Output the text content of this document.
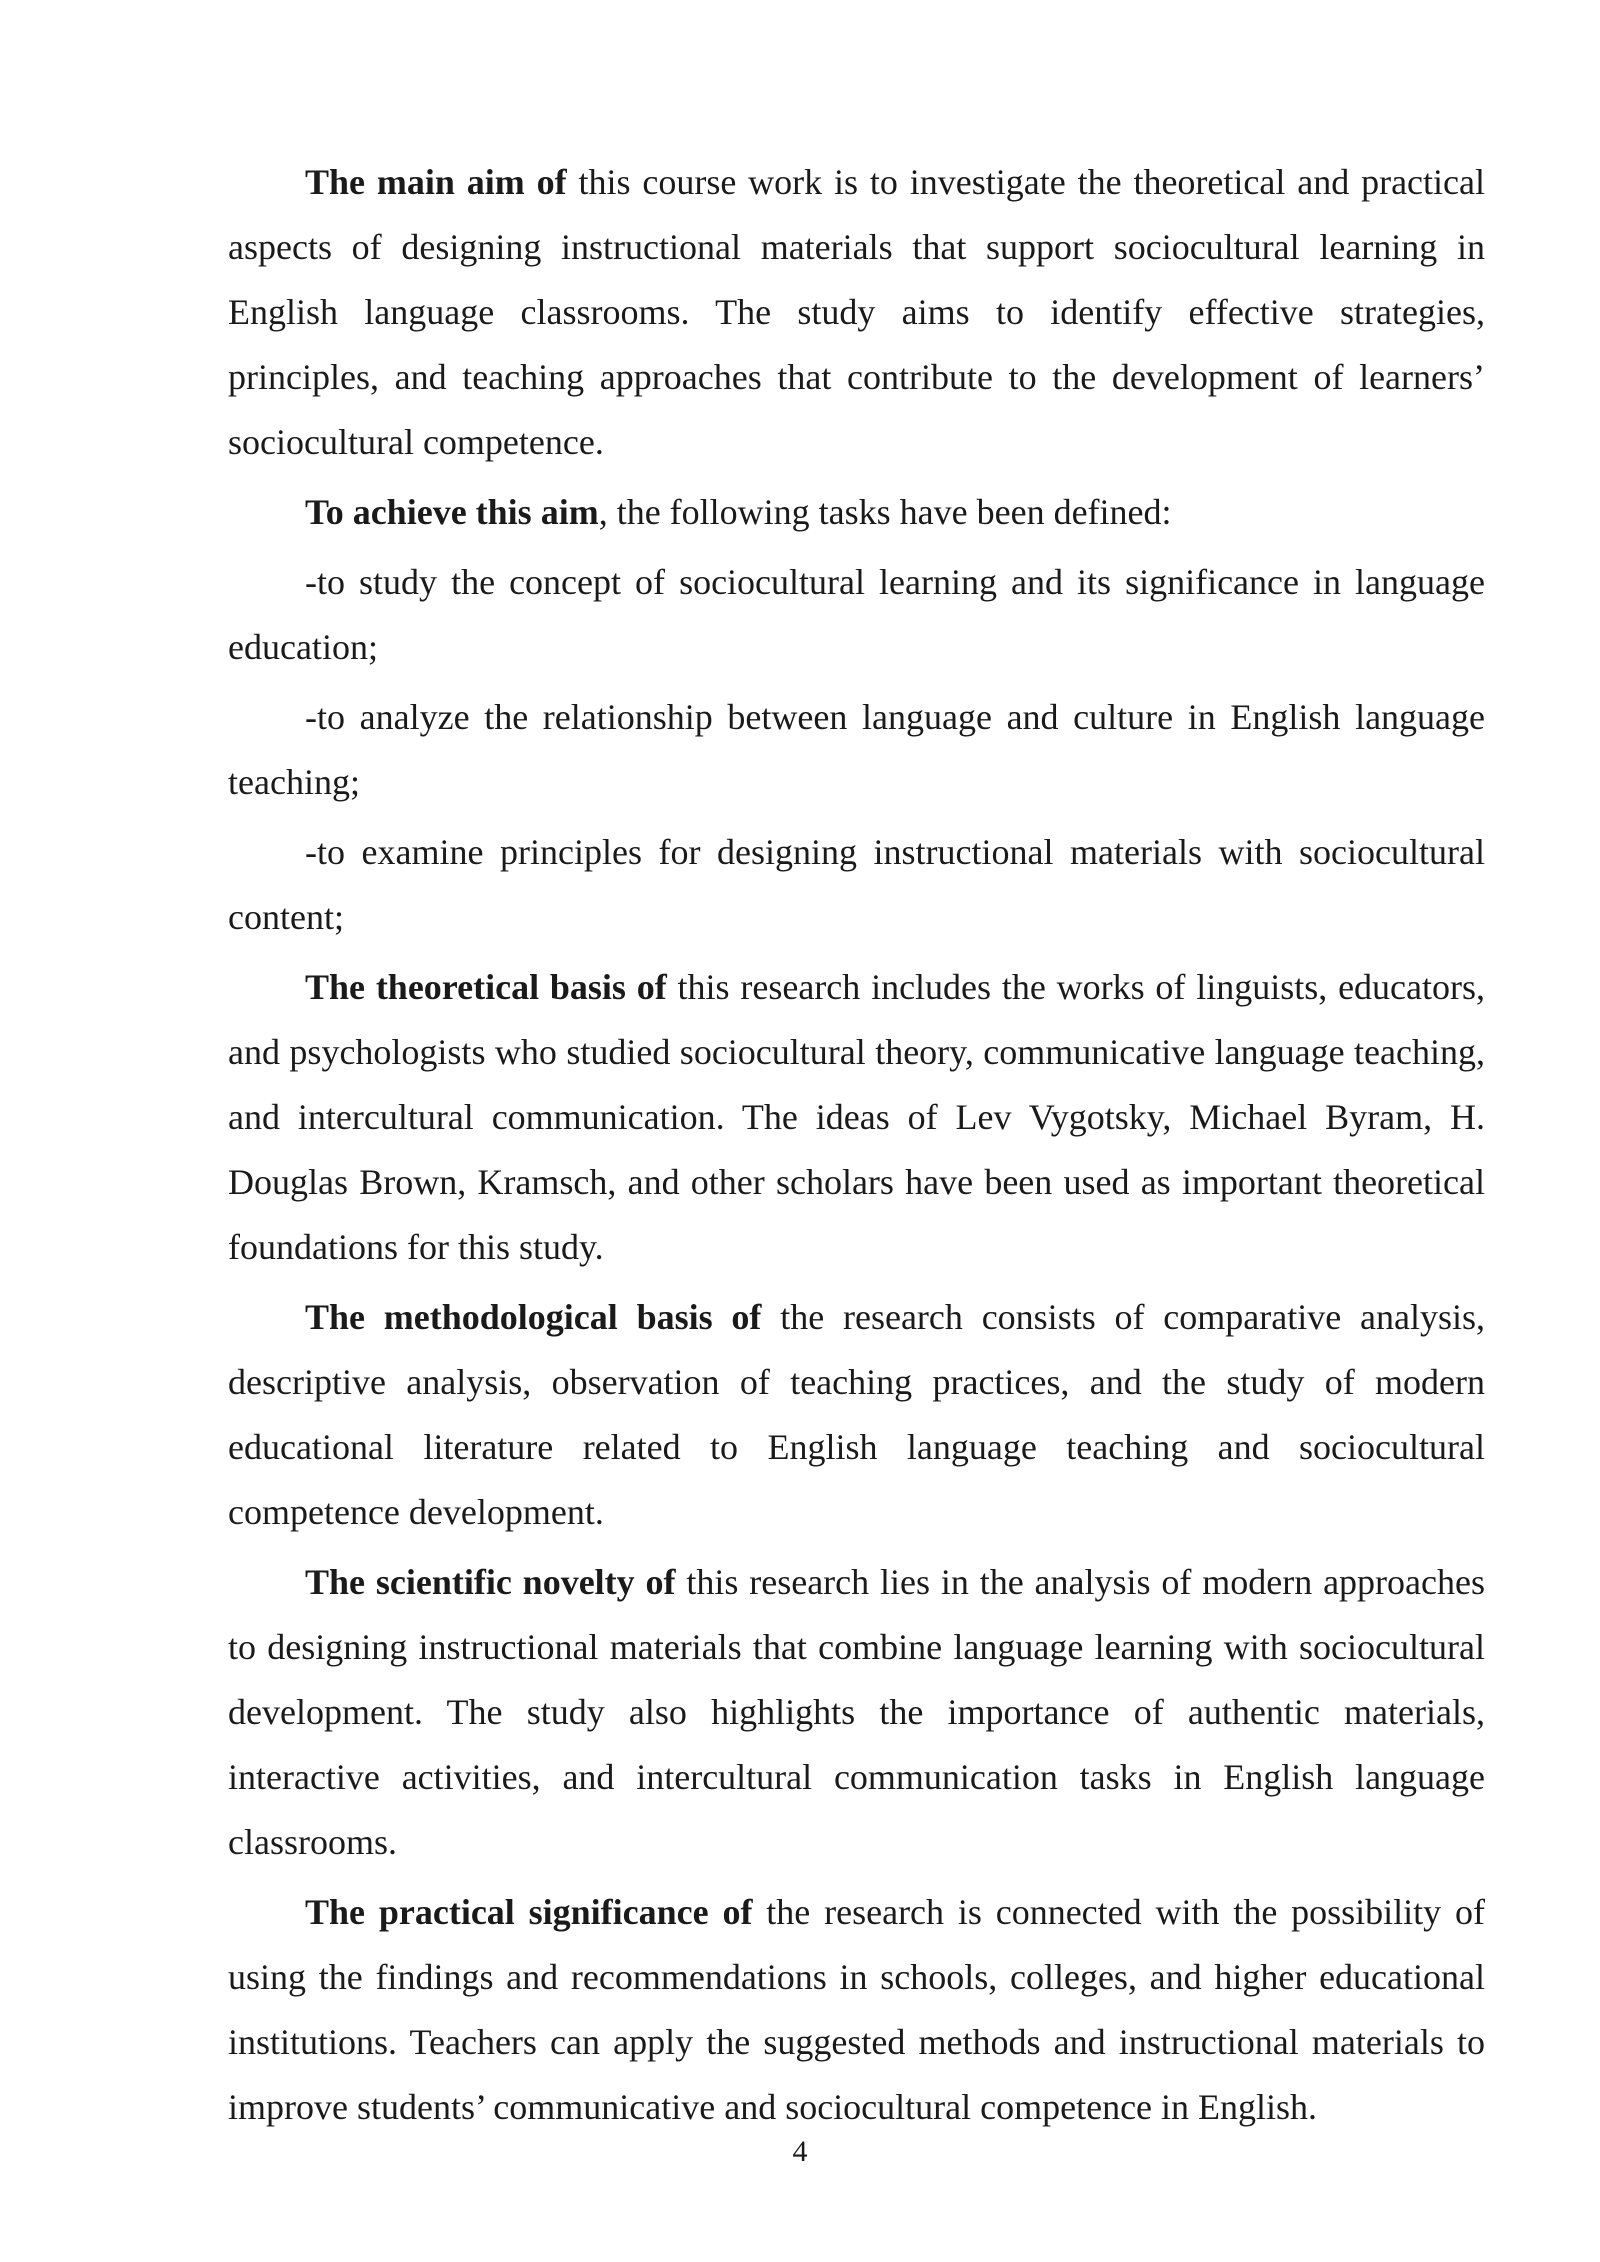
The main aim of this course work is to investigate the theoretical and practical aspects of designing instructional materials that support sociocultural learning in English language classrooms. The study aims to identify effective strategies, principles, and teaching approaches that contribute to the development of learners’ sociocultural competence.

To achieve this aim, the following tasks have been defined:

-to study the concept of sociocultural learning and its significance in language education;

-to analyze the relationship between language and culture in English language teaching;

-to examine principles for designing instructional materials with sociocultural content;

The theoretical basis of this research includes the works of linguists, educators, and psychologists who studied sociocultural theory, communicative language teaching, and intercultural communication. The ideas of Lev Vygotsky, Michael Byram, H. Douglas Brown, Kramsch, and other scholars have been used as important theoretical foundations for this study.

The methodological basis of the research consists of comparative analysis, descriptive analysis, observation of teaching practices, and the study of modern educational literature related to English language teaching and sociocultural competence development.

The scientific novelty of this research lies in the analysis of modern approaches to designing instructional materials that combine language learning with sociocultural development. The study also highlights the importance of authentic materials, interactive activities, and intercultural communication tasks in English language classrooms.

The practical significance of the research is connected with the possibility of using the findings and recommendations in schools, colleges, and higher educational institutions. Teachers can apply the suggested methods and instructional materials to improve students’ communicative and sociocultural competence in English.

4
